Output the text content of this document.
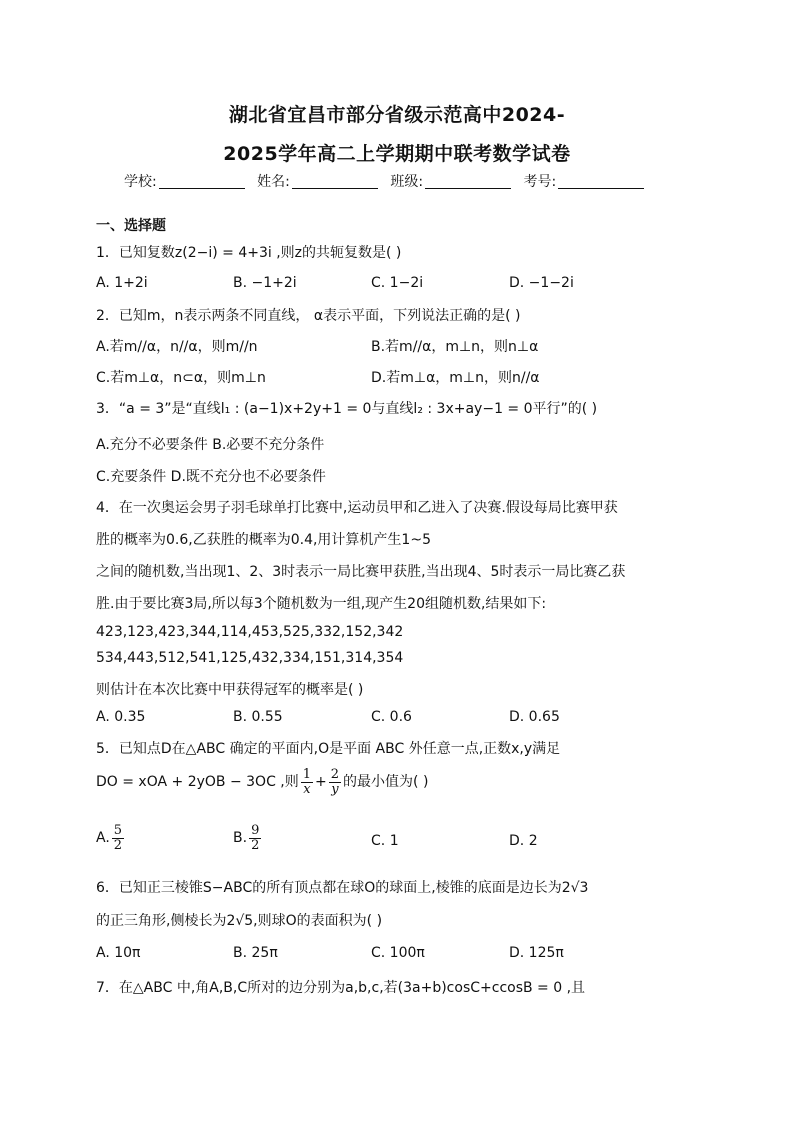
湖北省宜昌市部分省级示范高中2024-
2025学年高二上学期期中联考数学试卷
学校:	姓名:	班级:	考号:
一、选择题
1．已知复数z(2−i) = 4+3i ,则z的共轭复数是( )
A. 1+2i	B. −1+2i	C. 1−2i	D. −1−2i
2．已知m，n表示两条不同直线， α表示平面，下列说法正确的是( )
A.若m//α，n//α，则m//n	B.若m//α，m⊥n，则n⊥α
C.若m⊥α，n⊂α，则m⊥n	D.若m⊥α，m⊥n，则n//α
3．“a = 3”是“直线l₁ : (a−1)x+2y+1 = 0与直线l₂ : 3x+ay−1 = 0平行”的( )
A.充分不必要条件 B.必要不充分条件
C.充要条件 D.既不充分也不必要条件
4．在一次奥运会男子羽毛球单打比赛中,运动员甲和乙进入了决赛.假设每局比赛甲获
胜的概率为0.6,乙获胜的概率为0.4,用计算机产生1~5
之间的随机数,当出现1、2、3时表示一局比赛甲获胜,当出现4、5时表示一局比赛乙获
胜.由于要比赛3局,所以每3个随机数为一组,现产生20组随机数,结果如下:
423,123,423,344,114,453,525,332,152,342
534,443,512,541,125,432,334,151,314,354
则估计在本次比赛中甲获得冠军的概率是( )
A. 0.35	B. 0.55	C. 0.6	D. 0.65
5．已知点D在△ABC 确定的平面内,O是平面 ABC 外任意一点,正数x,y满足
DO = xOA + 2yOB − 3OC ,则 $\frac{1}{x} + \frac{2}{y}$ 的最小值为( )
A. $\frac{5}{2}$	B. $\frac{9}{2}$	C. 1	D. 2
6．已知正三棱锥S−ABC的所有顶点都在球O的球面上,棱锥的底面是边长为2√3
的正三角形,侧棱长为2√5,则球O的表面积为( )
A. 10π	B. 25π	C. 100π	D. 125π
7．在△ABC 中,角A,B,C所对的边分别为a,b,c,若(3a+b)cosC+ccosB = 0 ,且
